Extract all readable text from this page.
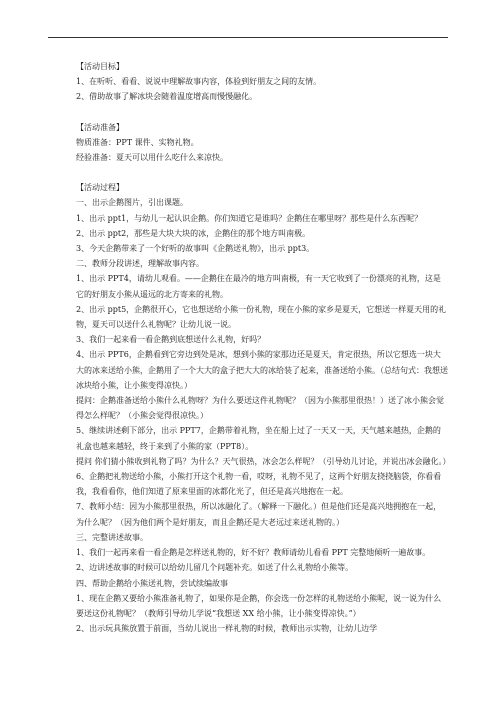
【活动目标】

1、在听听、看看、说说中理解故事内容，体验到好朋友之间的友情。

2、借助故事了解冰块会随着温度增高而慢慢融化。

【活动准备】

物质准备：PPT 课件、实物礼物。

经验准备：夏天可以用什么吃什么来凉快。

【活动过程】

一、出示企鹅图片，引出课题。

1、出示 ppt1，与幼儿一起认识企鹅。你们知道它是谁吗？企鹅住在哪里呀？那些是什么东西呢？

2、出示 ppt2，那些是大块大块的冰，企鹅住的那个地方叫南极。

3、今天企鹅带来了一个好听的故事叫《企鹅送礼物》，出示 ppt3。

二、教师分段讲述，理解故事内容。

1、出示 PPT4，请幼儿观看。——企鹅住在最冷的地方叫南极，有一天它收到了一份漂亮的礼物，这是它的好朋友小熊从遥远的北方寄来的礼物。

2、出示 ppt5，企鹅很开心，它也想送给小熊一份礼物，现在小熊的家乡是夏天，它想送一样夏天用的礼物，夏天可以送什么礼物呢？让幼儿说一说。

3、我们一起来看一看企鹅到底想送什么礼物，好吗？

4、出示 PPT6，企鹅看到它旁边到处是冰，想到小熊的家那边还是夏天，肯定很热，所以它想选一块大大的冰来送给小熊，企鹅用了一个大大的盒子把大大的冰给装了起来，准备送给小熊。（总结句式：我想送冰块给小熊，让小熊变得凉快。）

提问：企鹅准备送给小熊什么礼物呀？为什么要送这件礼物呢？（因为小熊那里很热！）送了冰小熊会觉得怎么样呢？（小熊会觉得很凉快。）

5、继续讲述剩下部分，出示 PPT7，企鹅带着礼物，坐在船上过了一天又一天，天气越来越热，企鹅的礼盒也越来越轻，终于来到了小熊的家（PPT8）。

提问 你们猜小熊收到礼物了吗？为什么？天气很热，冰会怎么样呢？（引导幼儿讨论，并说出冰会融化。）

6、企鹅把礼物送给小熊，小熊打开这个礼物一看，哎呀，礼物不见了，这两个好朋友挠挠脑袋，你看看我，我看看你，他们知道了原来里面的冰都化光了，但还是高兴地抱在一起。

7、教师小结：因为小熊那里很热，所以冰融化了。（解释一下融化。）但是他们还是高兴地拥抱在一起，为什么呢？（因为他们两个是好朋友，而且企鹅还是大老远过来送礼物的。）

三、完整讲述故事。

1、我们一起再来看一看企鹅是怎样送礼物的，好不好？教师请幼儿看看 PPT 完整地倾听一遍故事。

2、边讲述故事的时候可以给幼儿留几个问题补充。如送了什么礼物给小熊等。

四、帮助企鹅给小熊送礼物，尝试续编故事

1、现在企鹅又要给小熊准备礼物了，如果你是企鹅，你会选一份怎样的礼物送给小熊呢，说一说为什么要送这份礼物呢？（教师引导幼儿学说“我想送 XX 给小熊，让小熊变得凉快。”）

2、出示玩具熊放置于前面，当幼儿说出一样礼物的时候，教师出示实物，让幼儿边学
